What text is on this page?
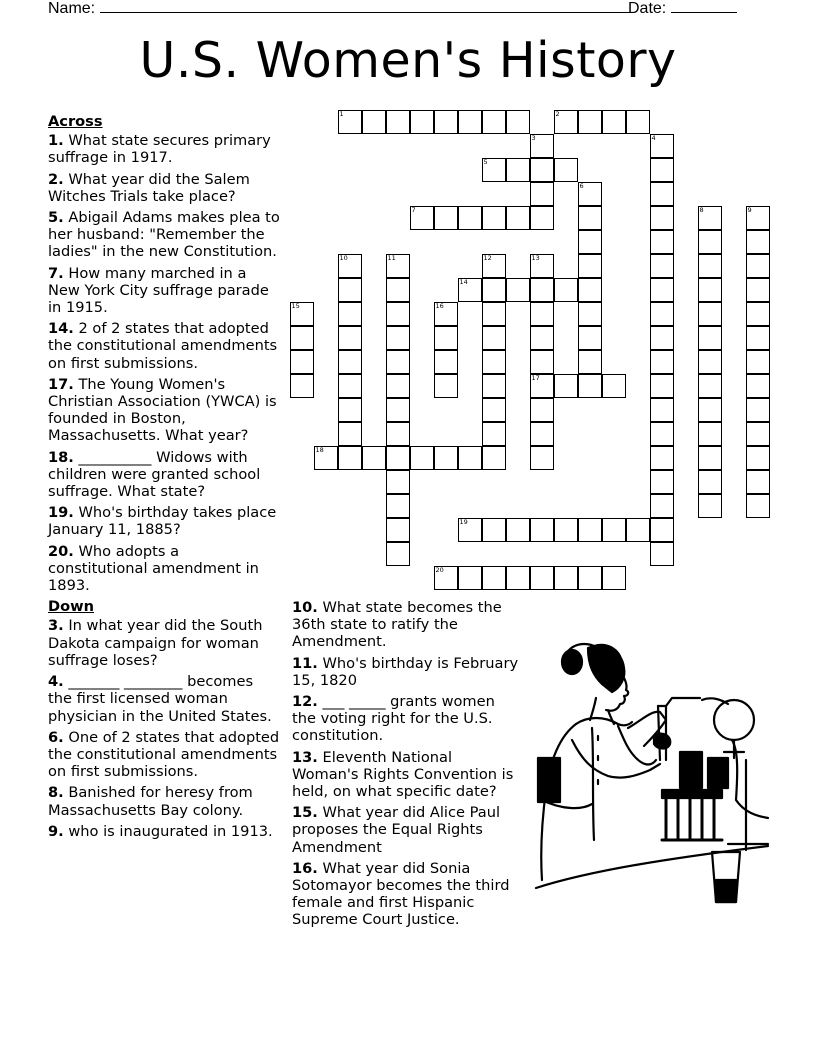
Name:	Date:
U.S. Women's History
Across
1. What state secures primary suffrage in 1917.
2. What year did the Salem Witches Trials take place?
5. Abigail Adams makes plea to her husband: "Remember the ladies" in the new Constitution.
7. How many marched in a New York City suffrage parade in 1915.
14. 2 of 2 states that adopted the constitutional amendments on first submissions.
17. The Young Women's Christian Association (YWCA) is founded in Boston, Massachusetts. What year?
18. __________ Widows with children were granted school suffrage. What state?
19. Who's birthday takes place January 11, 1885?
20. Who adopts a constitutional amendment in 1893.
Down
3. In what year did the South Dakota campaign for woman suffrage loses?
4. _______ ________ becomes the first licensed woman physician in the United States.
6. One of 2 states that adopted the constitutional amendments on first submissions.
8. Banished for heresy from Massachusetts Bay colony.
9. who is inaugurated in 1913.
10. What state becomes the 36th state to ratify the Amendment.
11. Who's birthday is February 15, 1820
12. ___ _____ grants women the voting right for the U.S. constitution.
13. Eleventh National Woman's Rights Convention is held, on what specific date?
15. What year did Alice Paul proposes the Equal Rights Amendment
16. What year did Sonia Sotomayor becomes the third female and first Hispanic Supreme Court Justice.
1	2
3	4
5
6
7	8	9
10	11	12	13
14
15	16
17
18
19
20
